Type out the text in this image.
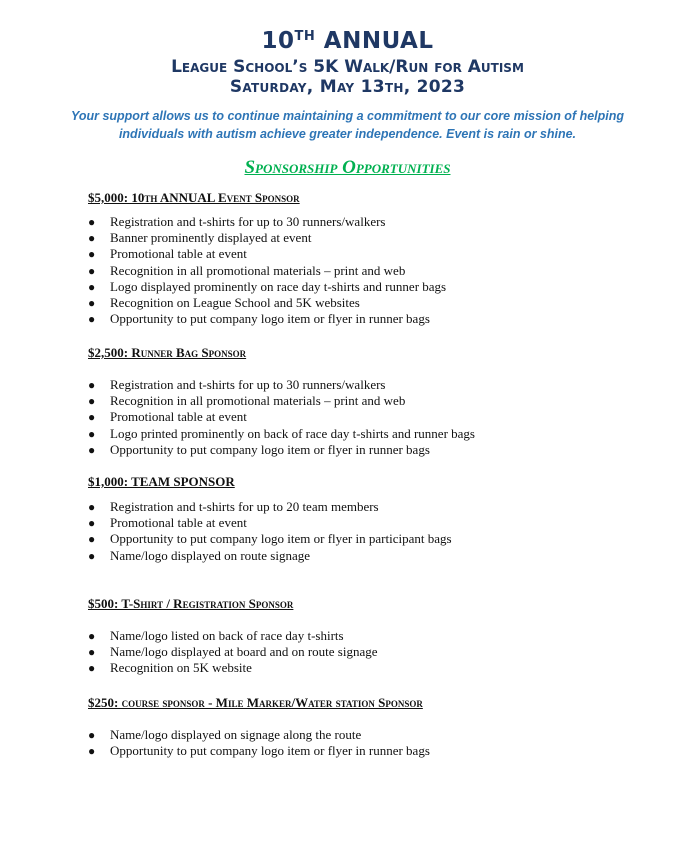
10TH ANNUAL
League School’s 5K Walk/Run for Autism
Saturday, May 13th, 2023
Your support allows us to continue maintaining a commitment to our core mission of helping
individuals with autism achieve greater independence. Event is rain or shine.
Sponsorship Opportunities
$5,000: 10th ANNUAL Event Sponsor
● Registration and t-shirts for up to 30 runners/walkers
● Banner prominently displayed at event
● Promotional table at event
● Recognition in all promotional materials – print and web
● Logo displayed prominently on race day t-shirts and runner bags
● Recognition on League School and 5K websites
● Opportunity to put company logo item or flyer in runner bags
$2,500: Runner Bag Sponsor
● Registration and t-shirts for up to 30 runners/walkers
● Recognition in all promotional materials – print and web
● Promotional table at event
● Logo printed prominently on back of race day t-shirts and runner bags
● Opportunity to put company logo item or flyer in runner bags
$1,000: TEAM SPONSOR
● Registration and t-shirts for up to 20 team members
● Promotional table at event
● Opportunity to put company logo item or flyer in participant bags
● Name/logo displayed on route signage
$500: T-Shirt / Registration Sponsor
● Name/logo listed on back of race day t-shirts
● Name/logo displayed at board and on route signage
● Recognition on 5K website
$250: course sponsor - Mile Marker/Water station Sponsor
● Name/logo displayed on signage along the route
● Opportunity to put company logo item or flyer in runner bags
